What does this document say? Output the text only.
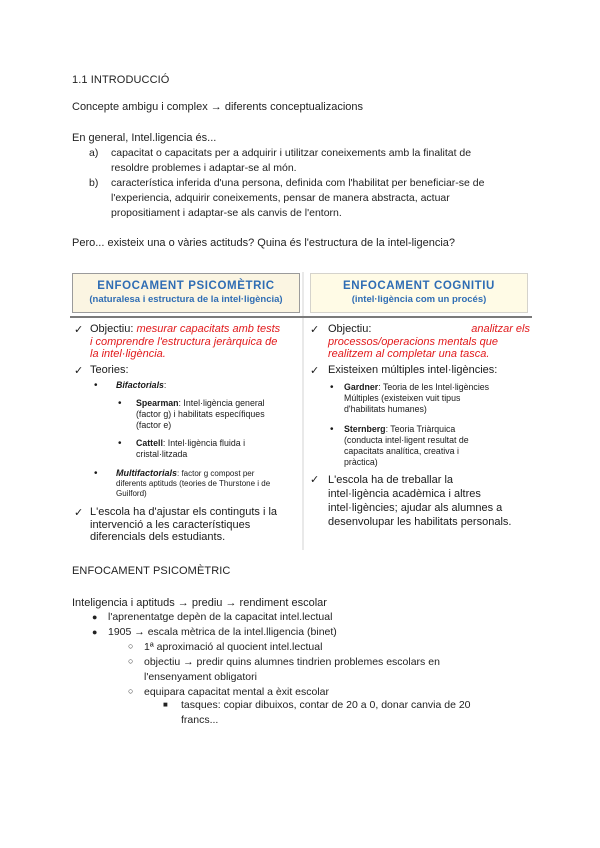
1.1 INTRODUCCIÓ
Concepte ambigu i complex → diferents conceptualizacions
En general, Intel.ligencia és...
a) capacitat o capacitats per a adquirir i utilitzar coneixements amb la finalitat de
resoldre problemes i adaptar-se al món.
b) característica inferida d'una persona, definida com l'habilitat per beneficiar-se de
l'experiencia, adquirir coneixements, pensar de manera abstracta, actuar
propositiament i adaptar-se als canvis de l'entorn.
Pero... existeix una o vàries actituds? Quina és l'estructura de la intel-ligencia?
ENFOCAMENT PSICOMÈTRIC
(naturalesa i estructura de la intel·ligència)
✓ Objectiu: mesurar capacitats amb tests
i comprendre l'estructura jeràrquica de
la intel·ligència.
✓ Teories:
• Bifactorials:
• Spearman: Intel·ligència general
(factor g) i habilitats específiques
(factor e)
• Cattell: Intel·ligència fluida i
cristal·litzada
• Multifactorials: factor g compost per
diferents aptituds (teories de Thurstone i de
Guilford)
✓ L'escola ha d'ajustar els continguts i la
intervenció a les característiques
diferencials dels estudiants.
ENFOCAMENT COGNITIU
(intel·ligència com un procés)
✓ Objectiu:	analitzar els
processos/operacions mentals que
realitzem al completar una tasca.
✓ Existeixen múltiples intel·ligències:
• Gardner: Teoria de les Intel·ligències
Múltiples (existeixen vuit tipus
d'habilitats humanes)
• Sternberg: Teoria Triàrquica
(conducta intel·ligent resultat de
capacitats analítica, creativa i
pràctica)
✓ L'escola ha de treballar la
intel·ligència acadèmica i altres
intel·ligències; ajudar als alumnes a
desenvolupar les habilitats personals.
ENFOCAMENT PSICOMÈTRIC
Inteligencia i aptituds → prediu → rendiment escolar
● l'aprenentatge depèn de la capacitat intel.lectual
● 1905 → escala mètrica de la intel.lligencia (binet)
○ 1ª aproximació al quocient intel.lectual
○ objectiu → predir quins alumnes tindrien problemes escolars en
l'ensenyament obligatori
○ equipara capacitat mental a èxit escolar
■ tasques: copiar dibuixos, contar de 20 a 0, donar canvia de 20
francs...
